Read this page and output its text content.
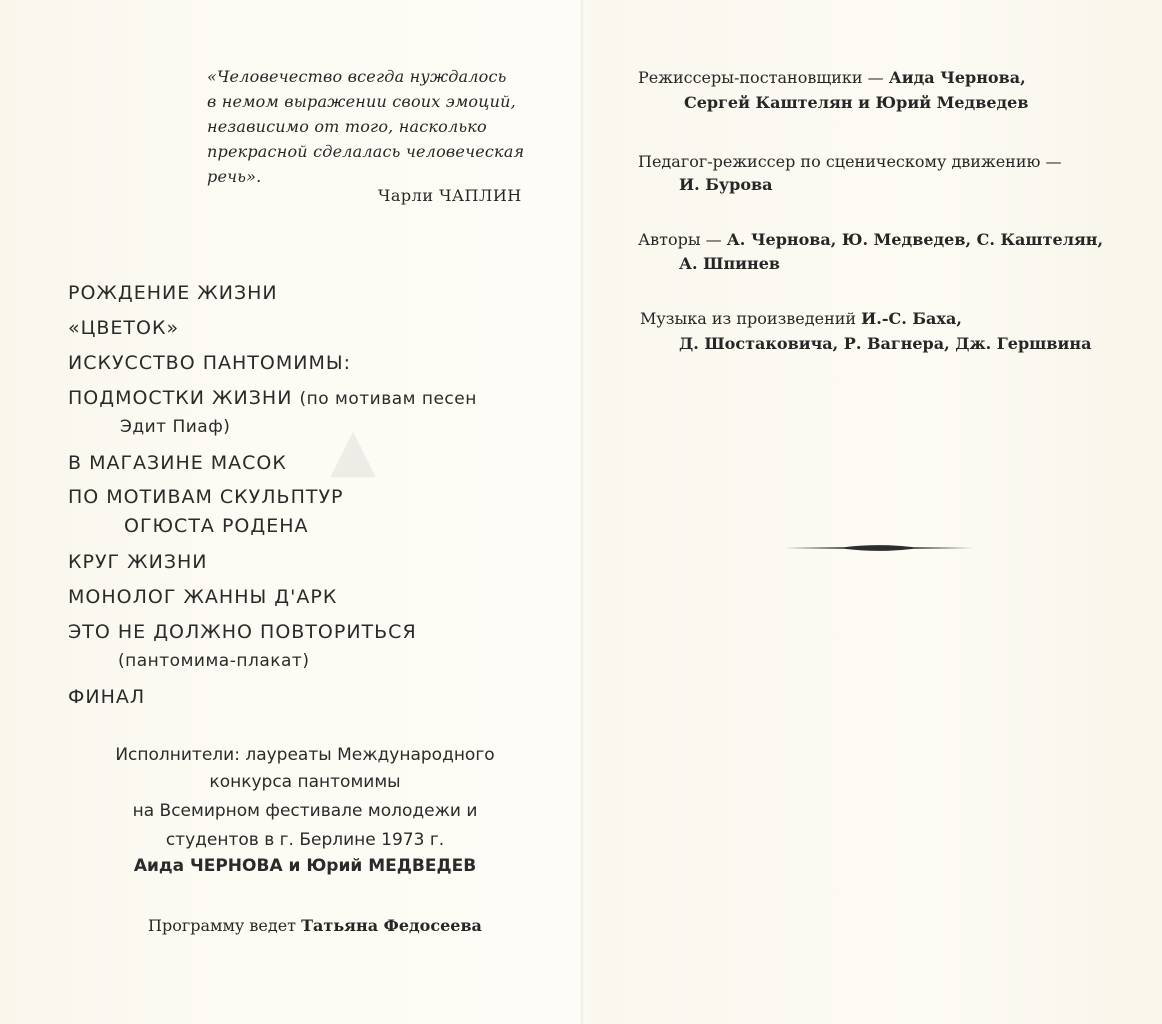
▲
«Человечество всегда нуждалось
в немом выражении своих эмоций,
независимо от того, насколько
прекрасной сделалась человеческая
речь».
Чарли ЧАПЛИН
РОЖДЕНИЕ ЖИЗНИ
«ЦВЕТОК»
ИСКУССТВО ПАНТОМИМЫ:
ПОДМОСТКИ ЖИЗНИ (по мотивам песен
Эдит Пиаф)
В МАГАЗИНЕ МАСОК
ПО МОТИВАМ СКУЛЬПТУР
ОГЮСТА РОДЕНА
КРУГ ЖИЗНИ
МОНОЛОГ ЖАННЫ Д'АРК
ЭТО НЕ ДОЛЖНО ПОВТОРИТЬСЯ
(пантомима-плакат)
ФИНАЛ
Исполнители: лауреаты Международного
конкурса пантомимы
на Всемирном фестивале молодежи и
студентов в г. Берлине 1973 г.
Аида ЧЕРНОВА и Юрий МЕДВЕДЕВ
Программу ведет Татьяна Федосеева
Режиссеры-постановщики — Аида Чернова,
Сергей Каштелян и Юрий Медведев
Педагог-режиссер по сценическому движению —
И. Бурова
Авторы — А. Чернова, Ю. Медведев, С. Каштелян,
А. Шпинев
Музыка из произведений И.-С. Баха,
Д. Шостаковича, Р. Вагнера, Дж. Гершвина
